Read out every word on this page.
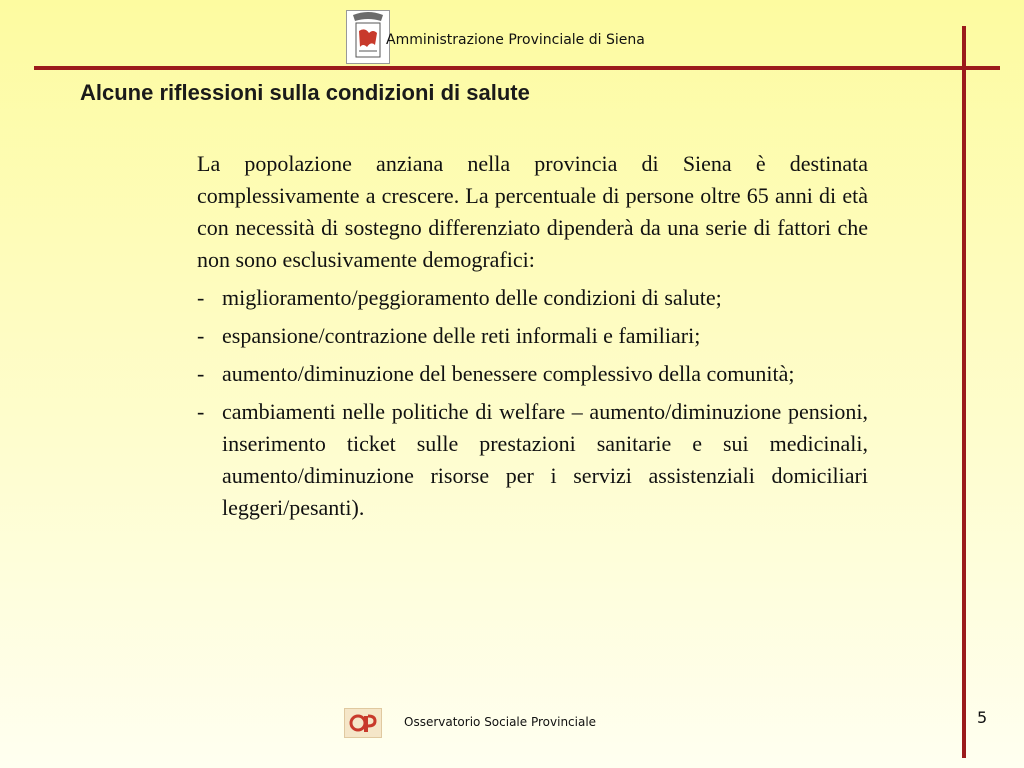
Amministrazione Provinciale di Siena
Alcune riflessioni sulla condizioni di salute

La popolazione anziana nella provincia di Siena è destinata complessivamente a crescere. La percentuale di persone oltre 65 anni di età con necessità di sostegno differenziato dipenderà da una serie di fattori che non sono esclusivamente demografici:

- miglioramento/peggioramento delle condizioni di salute;
- espansione/contrazione delle reti informali e familiari;
- aumento/diminuzione del benessere complessivo della comunità;
- cambiamenti nelle politiche di welfare – aumento/diminuzione pensioni, inserimento ticket sulle prestazioni sanitarie e sui medicinali, aumento/diminuzione risorse per i servizi assistenziali domiciliari leggeri/pesanti).
Osservatorio Sociale Provinciale	5
